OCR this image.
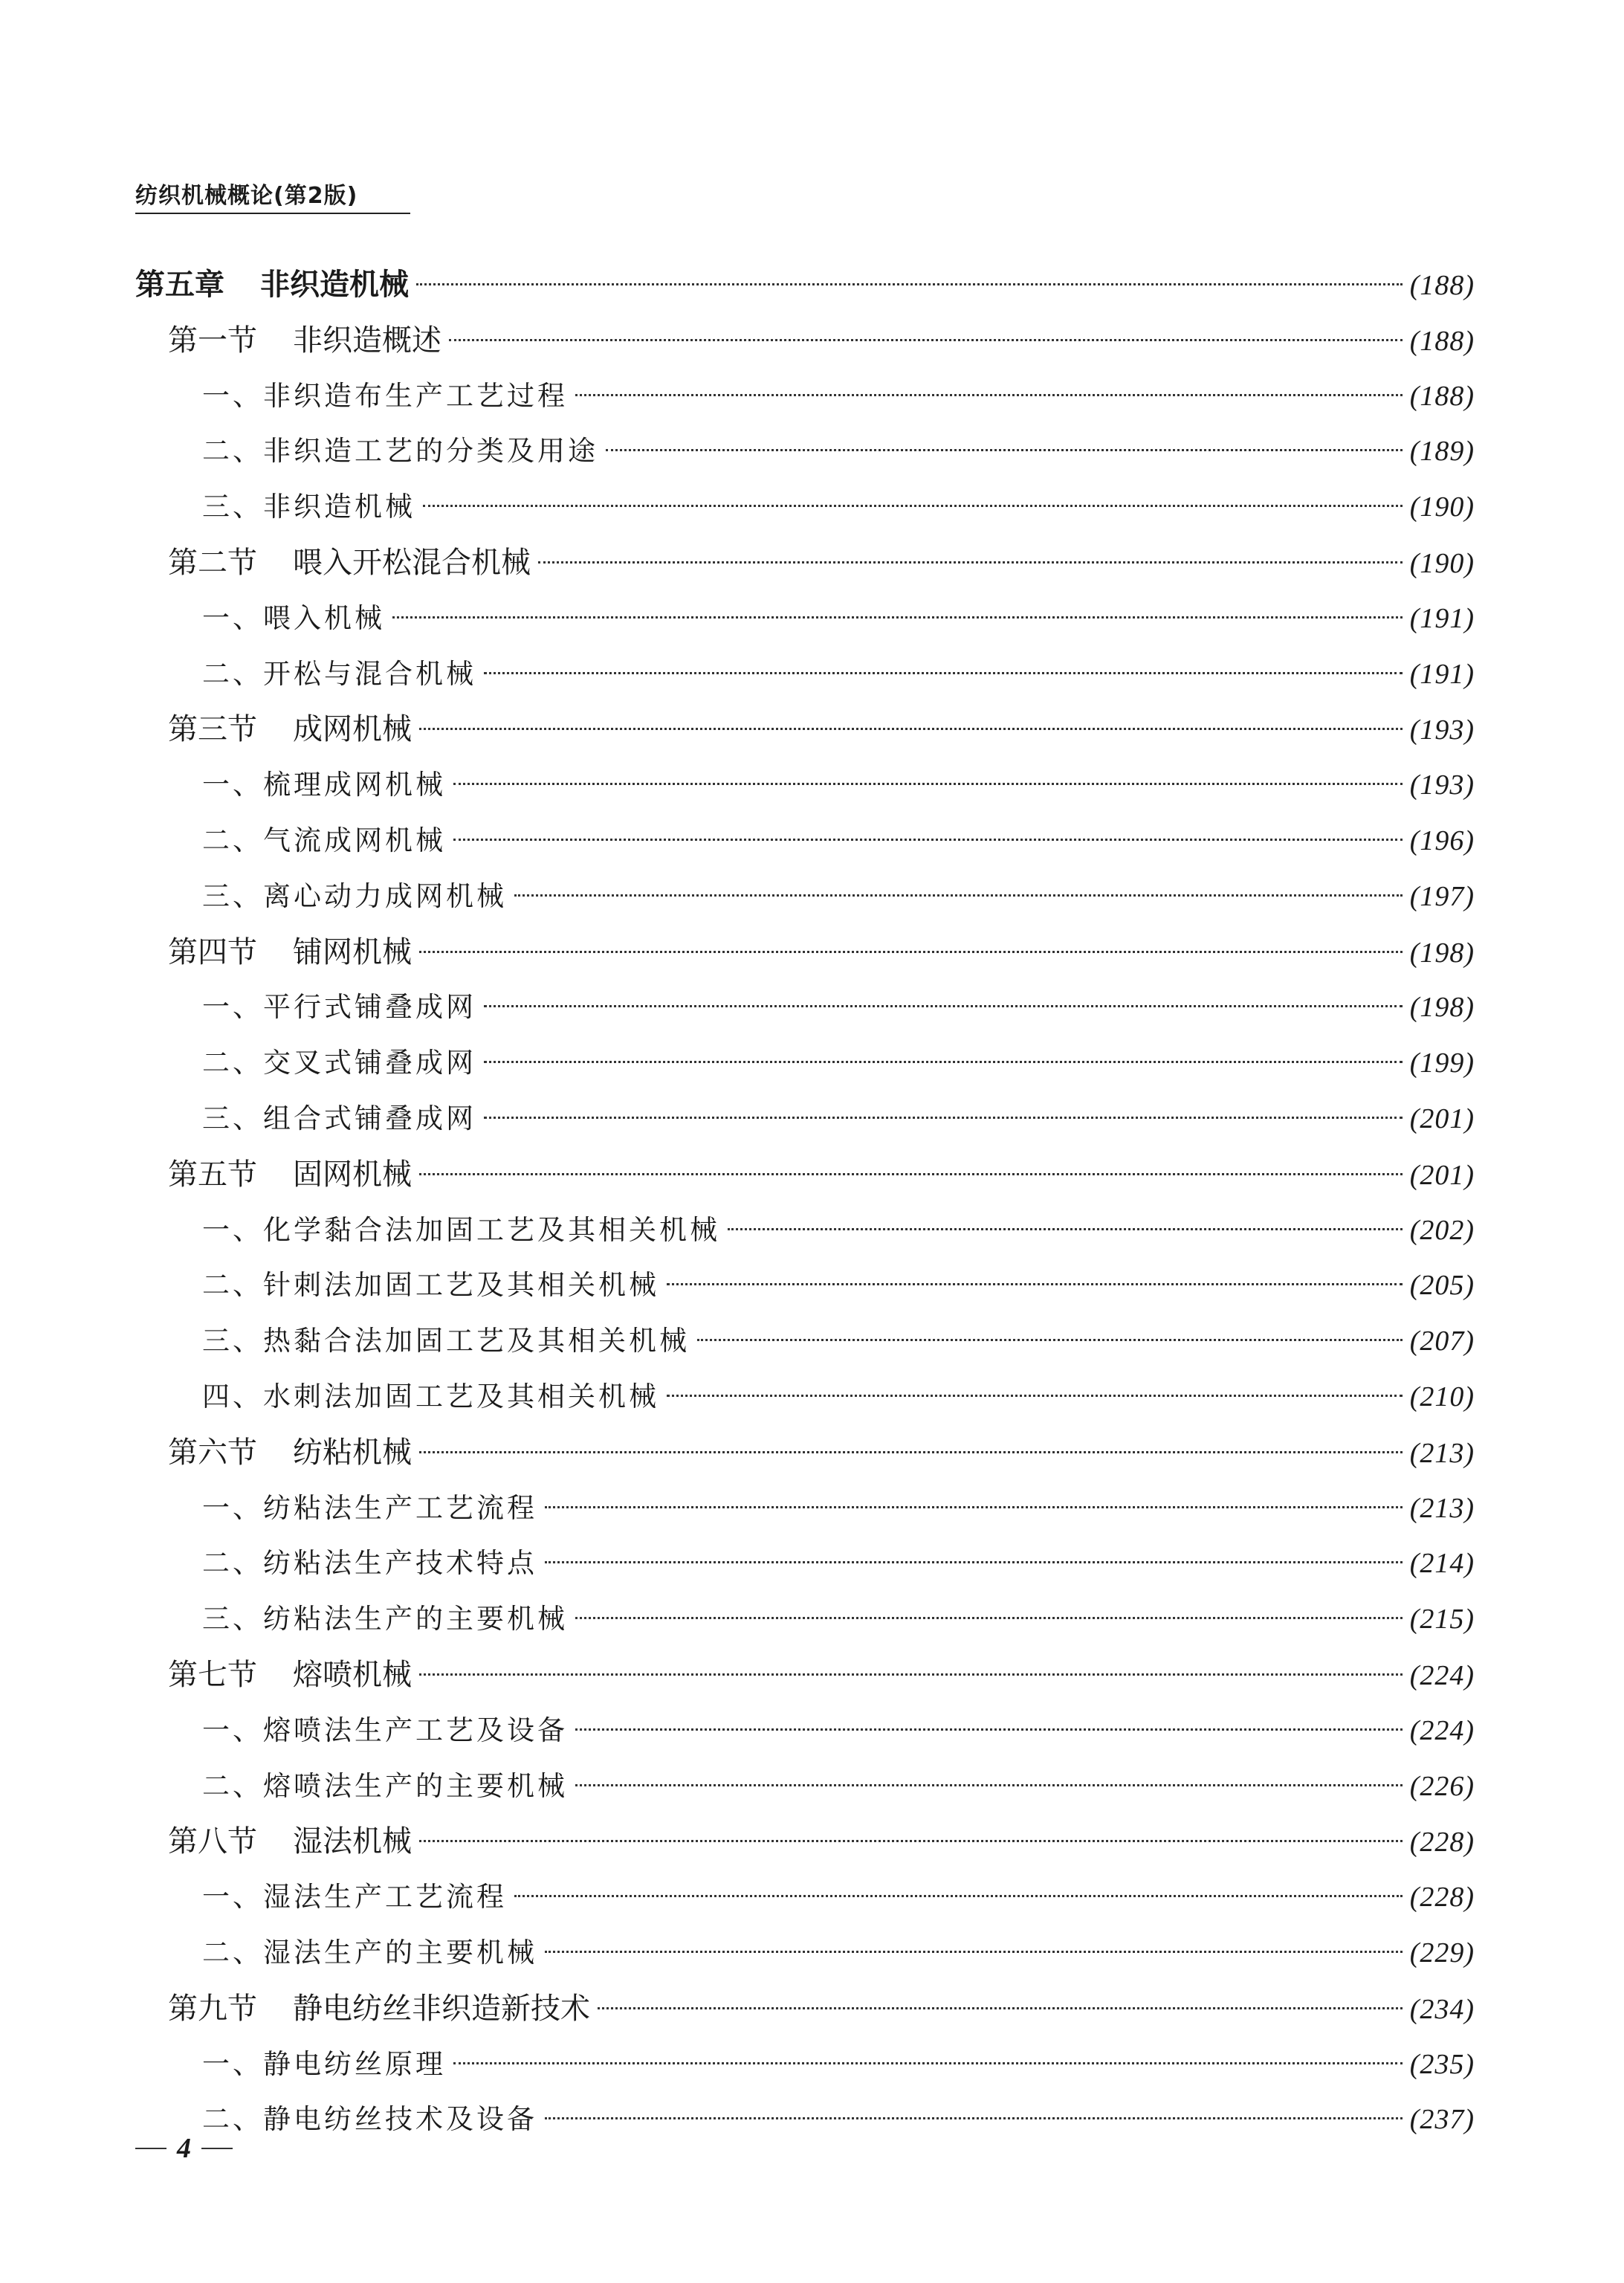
纺织机械概论(第2版)
第五章 非织造机械	(188)
第一节 非织造概述	(188)
一、非织造布生产工艺过程	(188)
二、非织造工艺的分类及用途	(189)
三、非织造机械	(190)
第二节 喂入开松混合机械	(190)
一、喂入机械	(191)
二、开松与混合机械	(191)
第三节 成网机械	(193)
一、梳理成网机械	(193)
二、气流成网机械	(196)
三、离心动力成网机械	(197)
第四节 铺网机械	(198)
一、平行式铺叠成网	(198)
二、交叉式铺叠成网	(199)
三、组合式铺叠成网	(201)
第五节 固网机械	(201)
一、化学黏合法加固工艺及其相关机械	(202)
二、针刺法加固工艺及其相关机械	(205)
三、热黏合法加固工艺及其相关机械	(207)
四、水刺法加固工艺及其相关机械	(210)
第六节 纺粘机械	(213)
一、纺粘法生产工艺流程	(213)
二、纺粘法生产技术特点	(214)
三、纺粘法生产的主要机械	(215)
第七节 熔喷机械	(224)
一、熔喷法生产工艺及设备	(224)
二、熔喷法生产的主要机械	(226)
第八节 湿法机械	(228)
一、湿法生产工艺流程	(228)
二、湿法生产的主要机械	(229)
第九节 静电纺丝非织造新技术	(234)
一、静电纺丝原理	(235)
二、静电纺丝技术及设备	(237)
4
